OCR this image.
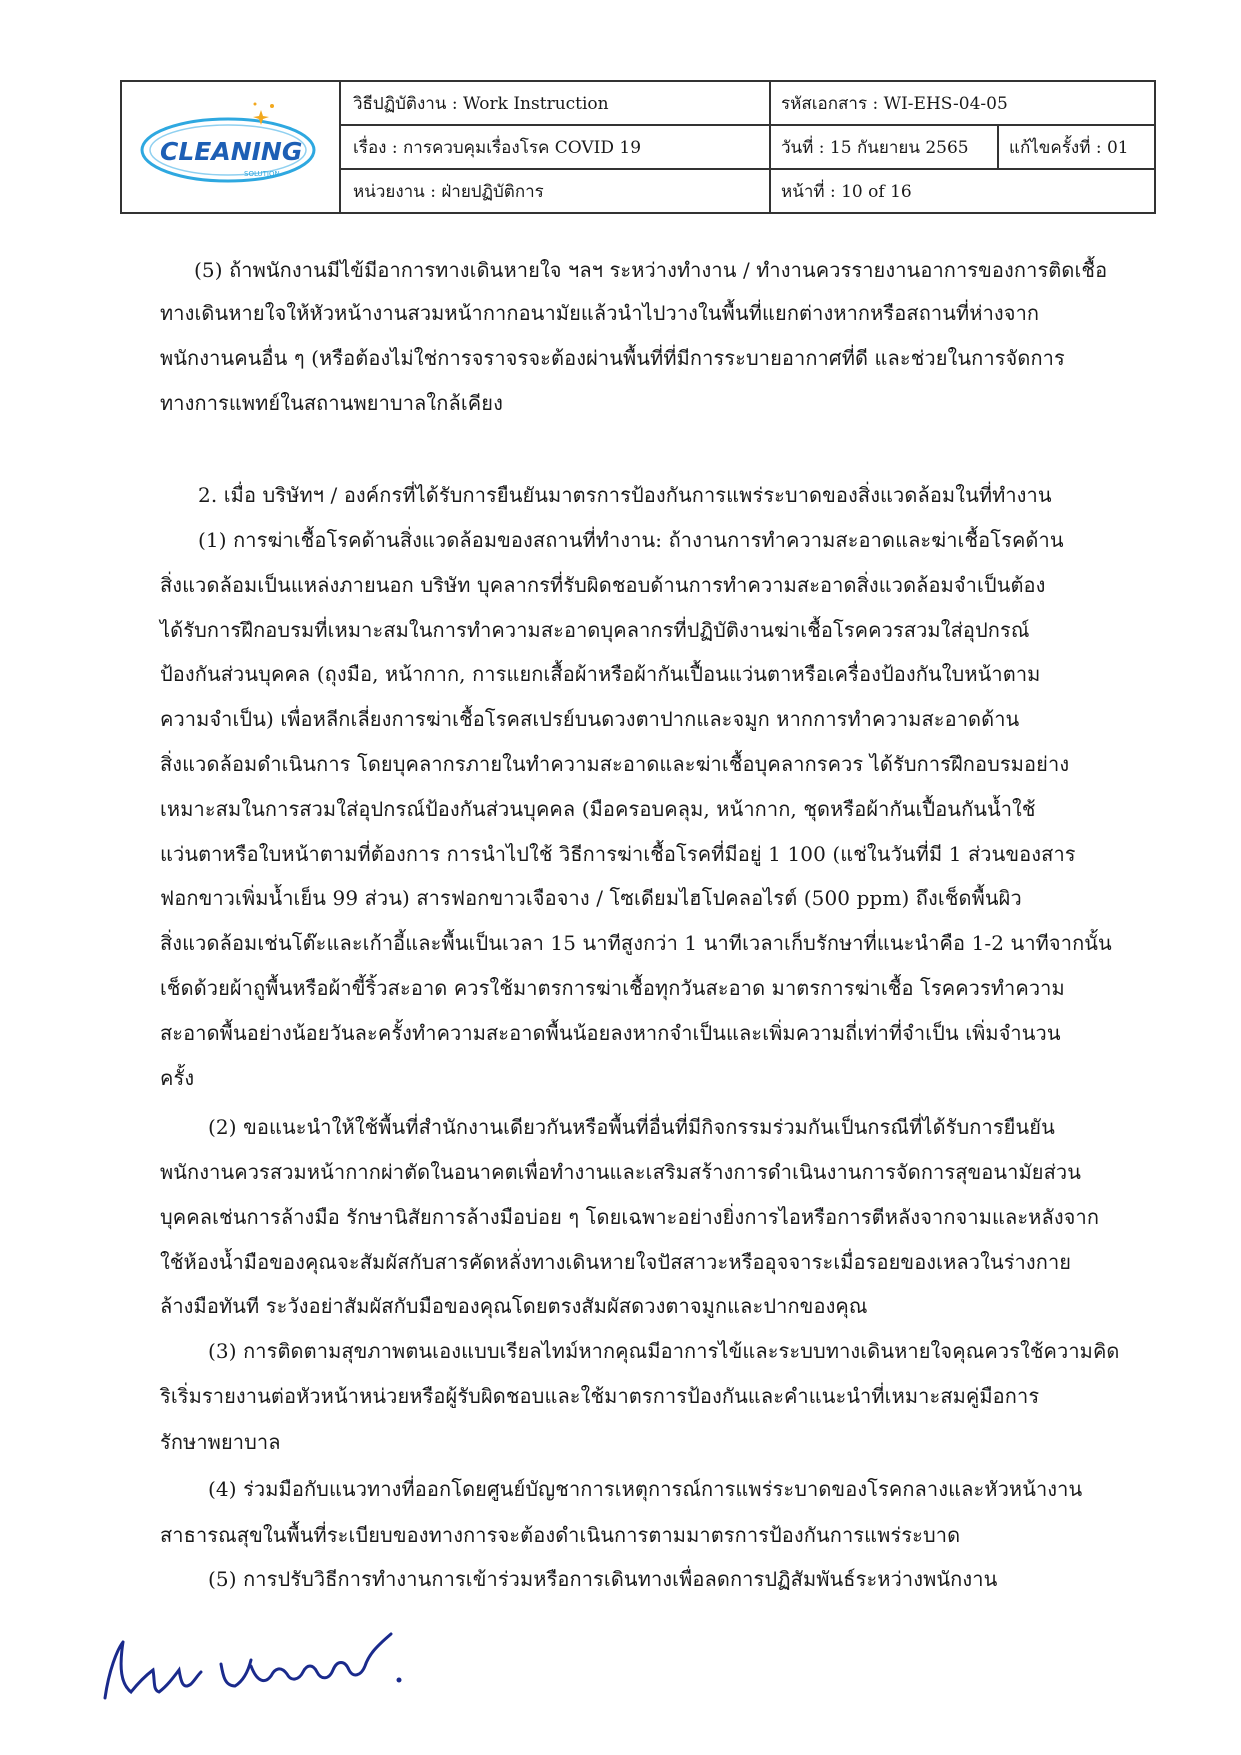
CLEANING
SOLUTION
วิธีปฏิบัติงาน : Work Instruction
เรื่อง : การควบคุมเรื่องโรค COVID 19
หน่วยงาน : ฝ่ายปฏิบัติการ
รหัสเอกสาร : WI-EHS-04-05
วันที่ : 15 กันยายน 2565	แก้ไขครั้งที่ : 01
หน้าที่ : 10 of 16
(5) ถ้าพนักงานมีไข้มีอาการทางเดินหายใจ ฯลฯ ระหว่างทำงาน / ทำงานควรรายงานอาการของการติดเชื้อ
ทางเดินหายใจให้หัวหน้างานสวมหน้ากากอนามัยแล้วนำไปวางในพื้นที่แยกต่างหากหรือสถานที่ห่างจาก
พนักงานคนอื่น ๆ (หรือต้องไม่ใช่การจราจรจะต้องผ่านพื้นที่ที่มีการระบายอากาศที่ดี และช่วยในการจัดการ
ทางการแพทย์ในสถานพยาบาลใกล้เคียง
2. เมื่อ บริษัทฯ / องค์กรที่ได้รับการยืนยันมาตรการป้องกันการแพร่ระบาดของสิ่งแวดล้อมในที่ทำงาน
(1) การฆ่าเชื้อโรคด้านสิ่งแวดล้อมของสถานที่ทำงาน: ถ้างานการทำความสะอาดและฆ่าเชื้อโรคด้าน
สิ่งแวดล้อมเป็นแหล่งภายนอก บริษัท บุคลากรที่รับผิดชอบด้านการทำความสะอาดสิ่งแวดล้อมจำเป็นต้อง
ได้รับการฝึกอบรมที่เหมาะสมในการทำความสะอาดบุคลากรที่ปฏิบัติงานฆ่าเชื้อโรคควรสวมใส่อุปกรณ์
ป้องกันส่วนบุคคล (ถุงมือ, หน้ากาก, การแยกเสื้อผ้าหรือผ้ากันเปื้อนแว่นตาหรือเครื่องป้องกันใบหน้าตาม
ความจำเป็น) เพื่อหลีกเลี่ยงการฆ่าเชื้อโรคสเปรย์บนดวงตาปากและจมูก หากการทำความสะอาดด้าน
สิ่งแวดล้อมดำเนินการ โดยบุคลากรภายในทำความสะอาดและฆ่าเชื้อบุคลากรควร ได้รับการฝึกอบรมอย่าง
เหมาะสมในการสวมใส่อุปกรณ์ป้องกันส่วนบุคคล (มือครอบคลุม, หน้ากาก, ชุดหรือผ้ากันเปื้อนกันน้ำใช้
แว่นตาหรือใบหน้าตามที่ต้องการ การนำไปใช้ วิธีการฆ่าเชื้อโรคที่มีอยู่ 1 100 (แช่ในวันที่มี 1 ส่วนของสาร
ฟอกขาวเพิ่มน้ำเย็น 99 ส่วน) สารฟอกขาวเจือจาง / โซเดียมไฮโปคลอไรต์ (500 ppm) ถึงเช็ดพื้นผิว
สิ่งแวดล้อมเช่นโต๊ะและเก้าอี้และพื้นเป็นเวลา 15 นาทีสูงกว่า 1 นาทีเวลาเก็บรักษาที่แนะนำคือ 1-2 นาทีจากนั้น
เช็ดด้วยผ้าถูพื้นหรือผ้าขี้ริ้วสะอาด ควรใช้มาตรการฆ่าเชื้อทุกวันสะอาด มาตรการฆ่าเชื้อ โรคควรทำความ
สะอาดพื้นอย่างน้อยวันละครั้งทำความสะอาดพื้นน้อยลงหากจำเป็นและเพิ่มความถี่เท่าที่จำเป็น เพิ่มจำนวน
ครั้ง
(2) ขอแนะนำให้ใช้พื้นที่สำนักงานเดียวกันหรือพื้นที่อื่นที่มีกิจกรรมร่วมกันเป็นกรณีที่ได้รับการยืนยัน
พนักงานควรสวมหน้ากากผ่าตัดในอนาคตเพื่อทำงานและเสริมสร้างการดำเนินงานการจัดการสุขอนามัยส่วน
บุคคลเช่นการล้างมือ รักษานิสัยการล้างมือบ่อย ๆ โดยเฉพาะอย่างยิ่งการไอหรือการตีหลังจากจามและหลังจาก
ใช้ห้องน้ำมือของคุณจะสัมผัสกับสารคัดหลั่งทางเดินหายใจปัสสาวะหรืออุจจาระเมื่อรอยของเหลวในร่างกาย
ล้างมือทันที ระวังอย่าสัมผัสกับมือของคุณโดยตรงสัมผัสดวงตาจมูกและปากของคุณ
(3) การติดตามสุขภาพตนเองแบบเรียลไทม์หากคุณมีอาการไข้และระบบทางเดินหายใจคุณควรใช้ความคิด
ริเริ่มรายงานต่อหัวหน้าหน่วยหรือผู้รับผิดชอบและใช้มาตรการป้องกันและคำแนะนำที่เหมาะสมคู่มือการ
รักษาพยาบาล
(4) ร่วมมือกับแนวทางที่ออกโดยศูนย์บัญชาการเหตุการณ์การแพร่ระบาดของโรคกลางและหัวหน้างาน
สาธารณสุขในพื้นที่ระเบียบของทางการจะต้องดำเนินการตามมาตรการป้องกันการแพร่ระบาด
(5) การปรับวิธีการทำงานการเข้าร่วมหรือการเดินทางเพื่อลดการปฏิสัมพันธ์ระหว่างพนักงาน
